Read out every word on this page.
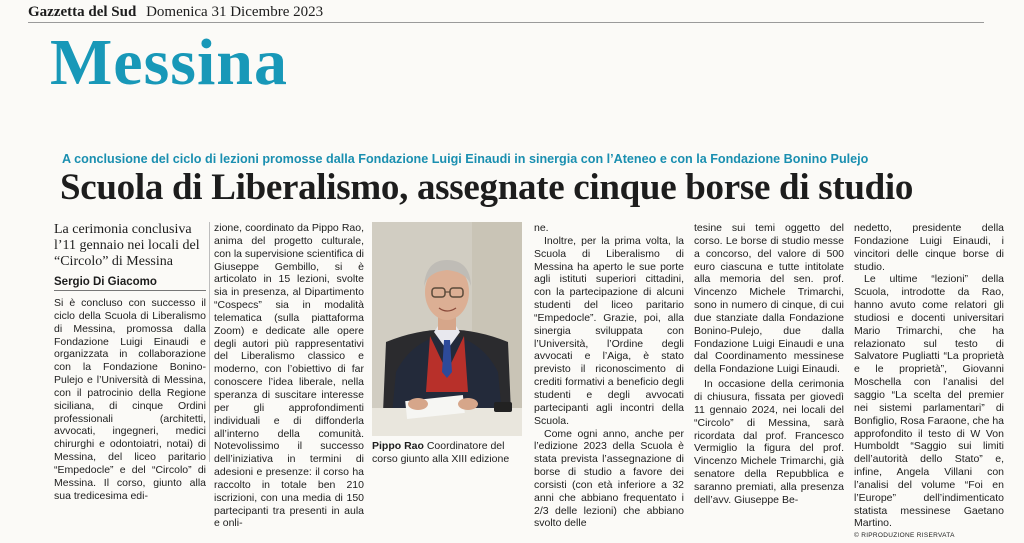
Gazzetta del Sud Domenica 31 Dicembre 2023
Messina
A conclusione del ciclo di lezioni promosse dalla Fondazione Luigi Einaudi in sinergia con l’Ateneo e con la Fondazione Bonino Pulejo
Scuola di Liberalismo, assegnate cinque borse di studio
La cerimonia conclusiva l’11 gennaio nei locali del “Circolo” di Messina
Sergio Di Giacomo

Si è concluso con successo il ciclo della Scuola di Liberalismo di Messina, promossa dalla Fondazione Luigi Einaudi e organizzata in collaborazione con la Fondazione Bonino-Pulejo e l’Università di Messina, con il patrocinio della Regione siciliana, di cinque Ordini professionali (architetti, avvocati, ingegneri, medici chirurghi e odontoiatri, notai) di Messina, del liceo paritario “Empedocle” e del “Circolo” di Messina. Il corso, giunto alla sua tredicesima edi-

zione, coordinato da Pippo Rao, anima del progetto culturale, con la supervisione scientifica di Giuseppe Gembillo, si è articolato in 15 lezioni, svolte sia in presenza, al Dipartimento “Cospecs” sia in modalità telematica (sulla piattaforma Zoom) e dedicate alle opere degli autori più rappresentativi del Liberalismo classico e moderno, con l’obiettivo di far conoscere l’idea liberale, nella speranza di suscitare interesse per gli approfondimenti individuali e di diffonderla all’interno della comunità. Notevolissimo il successo dell’iniziativa in termini di adesioni e presenze: il corso ha raccolto in totale ben 210 iscrizioni, con una media di 150 partecipanti tra presenti in aula e onli-

Pippo Rao Coordinatore del corso giunto alla XIII edizione

ne.

Inoltre, per la prima volta, la Scuola di Liberalismo di Messina ha aperto le sue porte agli istituti superiori cittadini, con la partecipazione di alcuni studenti del liceo paritario “Empedocle”. Grazie, poi, alla sinergia sviluppata con l’Università, l’Ordine degli avvocati e l’Aiga, è stato previsto il riconoscimento di crediti formativi a beneficio degli studenti e degli avvocati partecipanti agli incontri della Scuola.

Come ogni anno, anche per l’edizione 2023 della Scuola è stata prevista l’assegnazione di borse di studio a favore dei corsisti (con età inferiore a 32 anni che abbiano frequentato i 2/3 delle lezioni) che abbiano svolto delle

tesine sui temi oggetto del corso. Le borse di studio messe a concorso, del valore di 500 euro ciascuna e tutte intitolate alla memoria del sen. prof. Vincenzo Michele Trimarchi, sono in numero di cinque, di cui due stanziate dalla Fondazione Bonino-Pulejo, due dalla Fondazione Luigi Einaudi e una dal Coordinamento messinese della Fondazione Luigi Einaudi.

In occasione della cerimonia di chiusura, fissata per giovedì 11 gennaio 2024, nei locali del “Circolo” di Messina, sarà ricordata dal prof. Francesco Vermiglio la figura del prof. Vincenzo Michele Trimarchi, già senatore della Repubblica e saranno premiati, alla presenza dell’avv. Giuseppe Be-

nedetto, presidente della Fondazione Luigi Einaudi, i vincitori delle cinque borse di studio.

Le ultime “lezioni” della Scuola, introdotte da Rao, hanno avuto come relatori gli studiosi e docenti universitari Mario Trimarchi, che ha relazionato sul testo di Salvatore Pugliatti “La proprietà e le proprietà”, Giovanni Moschella con l’analisi del saggio “La scelta del premier nei sistemi parlamentari” di Bonfiglio, Rosa Faraone, che ha approfondito il testo di W Von Humboldt “Saggio sui limiti dell’autorità dello Stato” e, infine, Angela Villani con l’analisi del volume “Foi en l’Europe” dell’indimenticato statista messinese Gaetano Martino.

© RIPRODUZIONE RISERVATA
